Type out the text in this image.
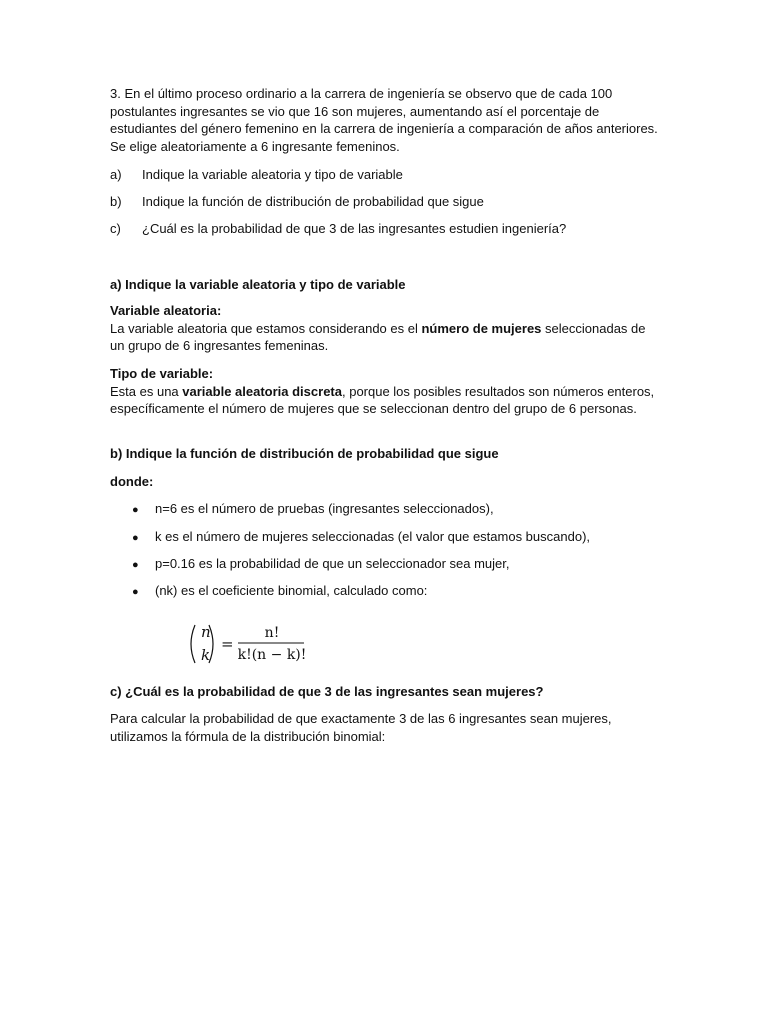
3. En el último proceso ordinario a la carrera de ingeniería se observo que de cada 100 postulantes ingresantes se vio que 16 son mujeres, aumentando así el porcentaje de estudiantes del género femenino en la carrera de ingeniería a comparación de años anteriores. Se elige aleatoriamente a 6 ingresante femeninos.

a) Indique la variable aleatoria y tipo de variable
b) Indique la función de distribución de probabilidad que sigue
c) ¿Cuál es la probabilidad de que 3 de las ingresantes estudien ingeniería?

a) Indique la variable aleatoria y tipo de variable

Variable aleatoria:

La variable aleatoria que estamos considerando es el número de mujeres seleccionadas de un grupo de 6 ingresantes femeninas.

Tipo de variable:

Esta es una variable aleatoria discreta, porque los posibles resultados son números enteros, específicamente el número de mujeres que se seleccionan dentro del grupo de 6 personas.

b) Indique la función de distribución de probabilidad que sigue

donde:

● n=6 es el número de pruebas (ingresantes seleccionados),
● k es el número de mujeres seleccionadas (el valor que estamos buscando),
● p=0.16 es la probabilidad de que un seleccionador sea mujer,
● (nk) es el coeficiente binomial, calculado como:
n
k
=
n!
k!(n − k)!

c) ¿Cuál es la probabilidad de que 3 de las ingresantes sean mujeres?

Para calcular la probabilidad de que exactamente 3 de las 6 ingresantes sean mujeres, utilizamos la fórmula de la distribución binomial:
